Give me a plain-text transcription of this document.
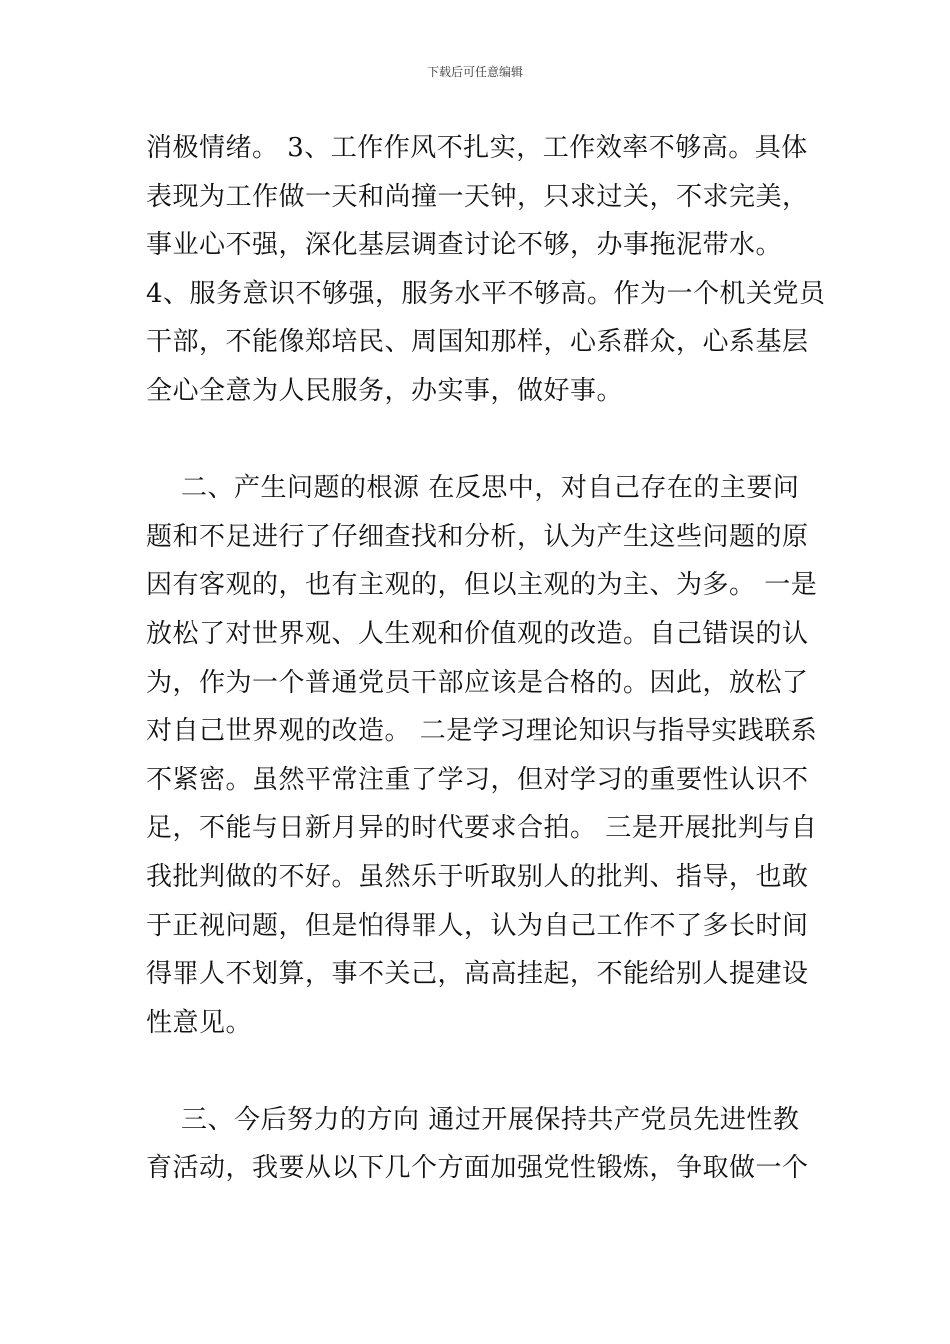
下载后可任意编辑
消极情绪。 3、工作作风不扎实，工作效率不够高。具体
表现为工作做一天和尚撞一天钟，只求过关，不求完美，
事业心不强，深化基层调查讨论不够，办事拖泥带水。
4、服务意识不够强，服务水平不够高。作为一个机关党员
干部，不能像郑培民、周国知那样，心系群众，心系基层
全心全意为人民服务，办实事，做好事。
二、产生问题的根源 在反思中，对自己存在的主要问
题和不足进行了仔细查找和分析，认为产生这些问题的原
因有客观的，也有主观的，但以主观的为主、为多。 一是
放松了对世界观、人生观和价值观的改造。自己错误的认
为，作为一个普通党员干部应该是合格的。因此，放松了
对自己世界观的改造。 二是学习理论知识与指导实践联系
不紧密。虽然平常注重了学习，但对学习的重要性认识不
足，不能与日新月异的时代要求合拍。 三是开展批判与自
我批判做的不好。虽然乐于听取别人的批判、指导，也敢
于正视问题，但是怕得罪人，认为自己工作不了多长时间
得罪人不划算，事不关己，高高挂起，不能给别人提建设
性意见。
三、今后努力的方向 通过开展保持共产党员先进性教
育活动，我要从以下几个方面加强党性锻炼，争取做一个
